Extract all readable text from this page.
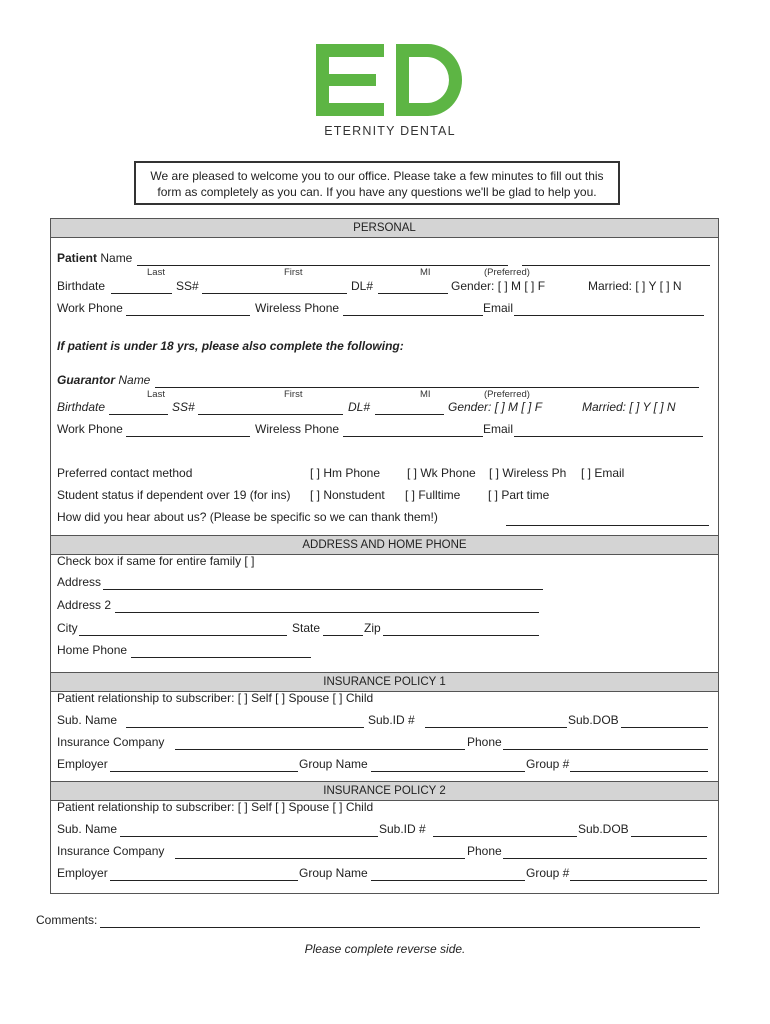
ETERNITY DENTAL
We are pleased to welcome you to our office. Please take a few minutes to fill out this
form as completely as you can. If you have any questions we'll be glad to help you.
PERSONAL
Patient Name
Last	First	MI	(Preferred)
Birthdate	SS#	DL#	Gender: [ ] M [ ] F	Married: [ ] Y [ ] N
Work Phone	Wireless Phone	Email
If patient is under 18 yrs, please also complete the following:
Guarantor Name
Last	First	MI	(Preferred)
Birthdate	SS#	DL#	Gender: [ ] M [ ] F	Married: [ ] Y [ ] N
Work Phone	Wireless Phone	Email
Preferred contact method	[ ] Hm Phone [ ] Wk Phone [ ] Wireless Ph [ ] Email
Student status if dependent over 19 (for ins) [ ] Nonstudent [ ] Fulltime [ ] Part time
How did you hear about us? (Please be specific so we can thank them!)
ADDRESS AND HOME PHONE
Check box if same for entire family [ ]
Address
Address 2
City	State	Zip
Home Phone
INSURANCE POLICY 1
Patient relationship to subscriber: [ ] Self [ ] Spouse [ ] Child
Sub. Name	Sub.ID #	Sub.DOB
Insurance Company	Phone
Employer	Group Name	Group #
INSURANCE POLICY 2
Patient relationship to subscriber: [ ] Self [ ] Spouse [ ] Child
Sub. Name	Sub.ID #	Sub.DOB
Insurance Company	Phone
Employer	Group Name	Group #
Comments:
Please complete reverse side.
